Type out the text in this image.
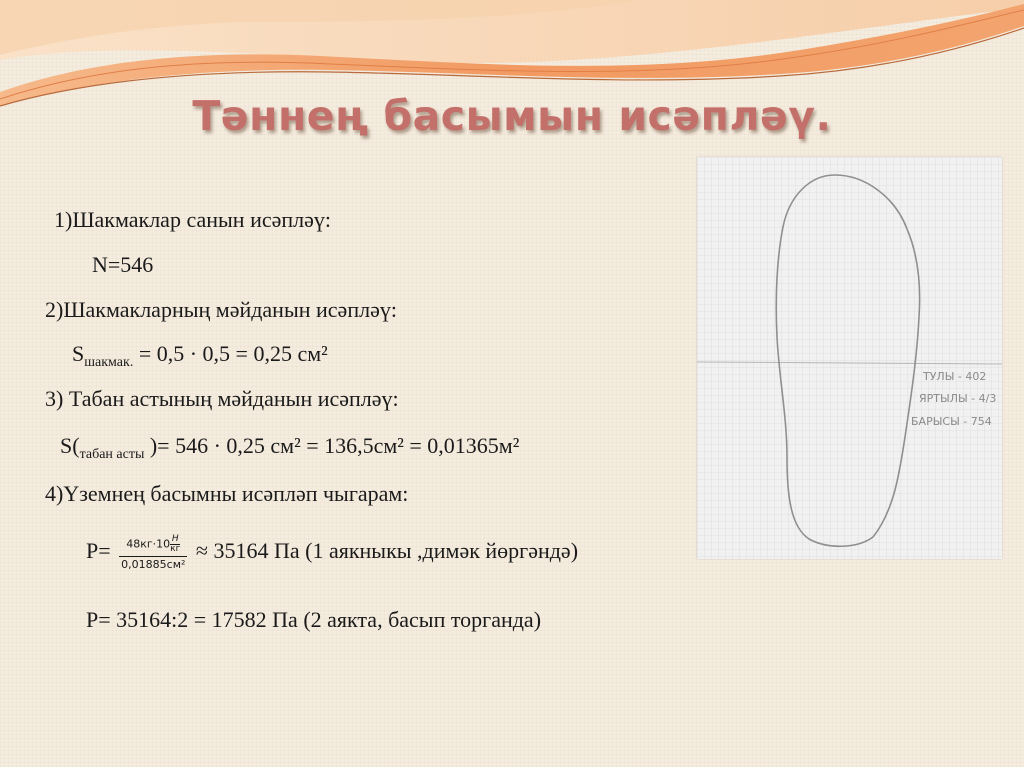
Тәннең басымын исәпләү.
1)Шакмаклар санын исәпләү:
N=546
2)Шакмакларның мәйданын исәпләү:
$S_{шакмак.} = 0,5 \cdot 0,5 = 0,25$ см²
3) Табан астының мәйданын исәпләү:
$S(_{табан асты}$ )= 546 · 0,25 см² = 136,5см² = 0,01365м²
4)Үземнең басымны исәпләп чыгарам:
$P= \frac{48кг\cdot 10 \frac{Н}{кг}}{\text{0,01885см²}} \approx 35164$ Па (1 аякныкы ,димәк йөргәндә)
P= 35164:2 = 17582 Па (2 аякта, басып торганда)
ТУЛЫ - 402
ЯРТЫЛЫ - 4/3
БАРЫСЫ - 754
